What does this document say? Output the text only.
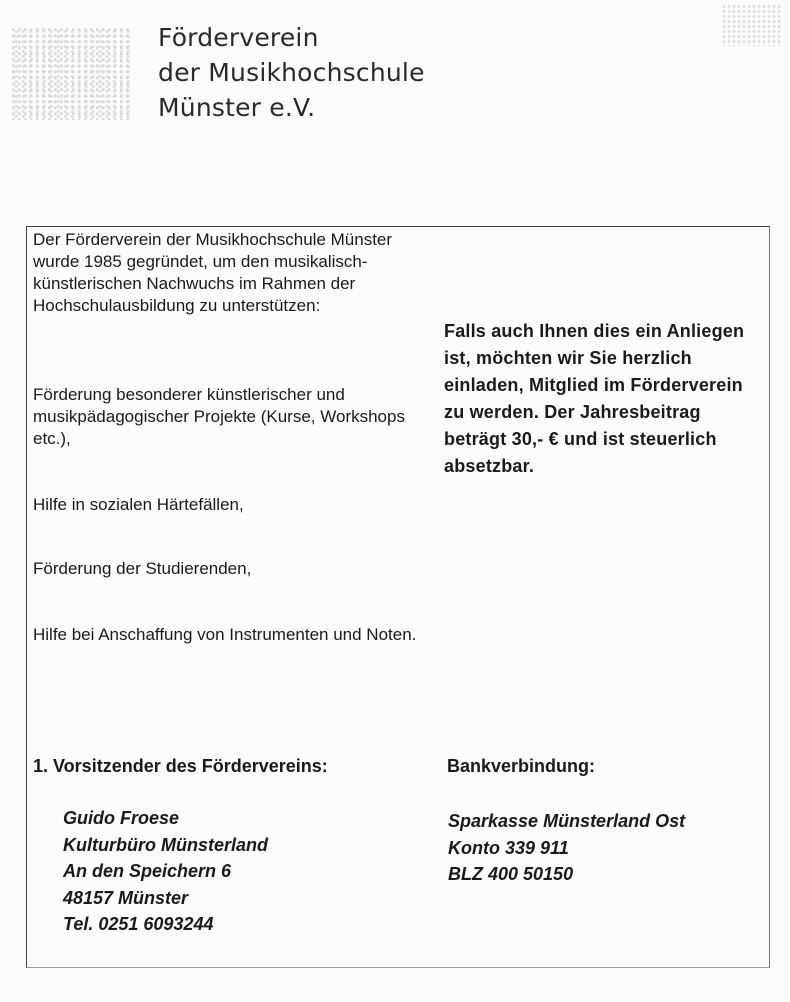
Förderverein
der Musikhochschule
Münster e.V.
Der Förderverein der Musikhochschule Münster wurde 1985 gegründet, um den musikalisch-künstlerischen Nachwuchs im Rahmen der Hochschulausbildung zu unterstützen:
Förderung besonderer künstlerischer und musikpädagogischer Projekte (Kurse, Workshops etc.),
Hilfe in sozialen Härtefällen,
Förderung der Studierenden,
Hilfe bei Anschaffung von Instrumenten und Noten.
Falls auch Ihnen dies ein Anliegen ist, möchten wir Sie herzlich einladen, Mitglied im Förderverein zu werden. Der Jahresbeitrag beträgt 30,- € und ist steuerlich absetzbar.
1. Vorsitzender des Fördervereins:	Bankverbindung:
Guido Froese
Kulturbüro Münsterland
An den Speichern 6
48157 Münster
Tel. 0251 6093244
Sparkasse Münsterland Ost
Konto 339 911
BLZ 400 50150
